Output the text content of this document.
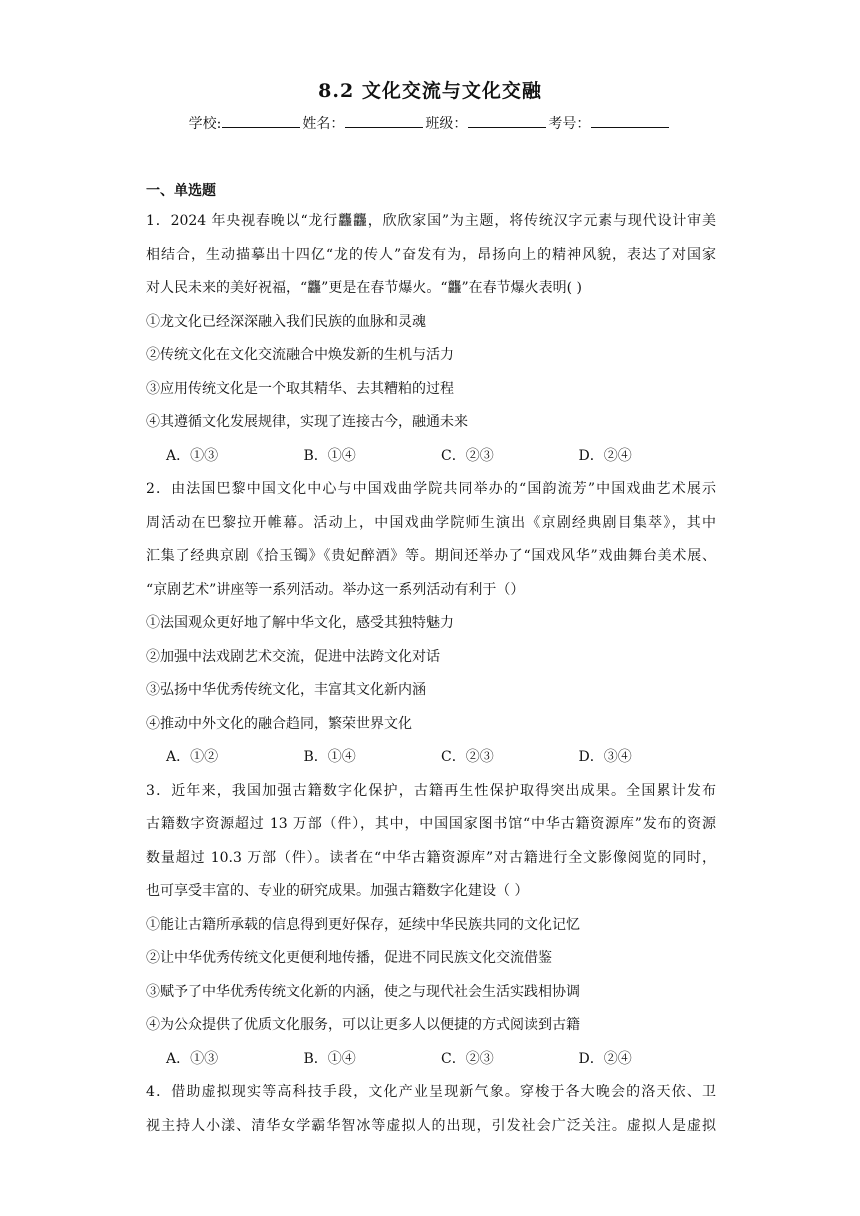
8.2 文化交流与文化交融
学校:	姓名：	班级：	考号：
一、单选题
1．2024 年央视春晚以“龙行龘龘，欣欣家国”为主题，将传统汉字元素与现代设计审美
相结合，生动描摹出十四亿“龙的传人”奋发有为，昂扬向上的精神风貌，表达了对国家
对人民未来的美好祝福，“龘”更是在春节爆火。“龘”在春节爆火表明( )
①龙文化已经深深融入我们民族的血脉和灵魂
②传统文化在文化交流融合中焕发新的生机与活力
③应用传统文化是一个取其精华、去其糟粕的过程
④其遵循文化发展规律，实现了连接古今，融通未来
A．①③	B．①④	C．②③	D．②④
2．由法国巴黎中国文化中心与中国戏曲学院共同举办的“国韵流芳”中国戏曲艺术展示
周活动在巴黎拉开帷幕。活动上，中国戏曲学院师生演出《京剧经典剧目集萃》，其中
汇集了经典京剧《拾玉镯》《贵妃醉酒》等。期间还举办了“国戏风华”戏曲舞台美术展、
“京剧艺术”讲座等一系列活动。举办这一系列活动有利于（）
①法国观众更好地了解中华文化，感受其独特魅力
②加强中法戏剧艺术交流，促进中法跨文化对话
③弘扬中华优秀传统文化，丰富其文化新内涵
④推动中外文化的融合趋同，繁荣世界文化
A．①②	B．①④	C．②③	D．③④
3．近年来，我国加强古籍数字化保护，古籍再生性保护取得突出成果。全国累计发布
古籍数字资源超过 13 万部（件），其中，中国国家图书馆“中华古籍资源库”发布的资源
数量超过 10.3 万部（件）。读者在“中华古籍资源库”对古籍进行全文影像阅览的同时，
也可享受丰富的、专业的研究成果。加强古籍数字化建设（ ）
①能让古籍所承载的信息得到更好保存，延续中华民族共同的文化记忆
②让中华优秀传统文化更便利地传播，促进不同民族文化交流借鉴
③赋予了中华优秀传统文化新的内涵，使之与现代社会生活实践相协调
④为公众提供了优质文化服务，可以让更多人以便捷的方式阅读到古籍
A．①③	B．①④	C．②③	D．②④
4．借助虚拟现实等高科技手段，文化产业呈现新气象。穿梭于各大晚会的洛天依、卫
视主持人小漾、清华女学霸华智冰等虚拟人的出现，引发社会广泛关注。虚拟人是虚拟
